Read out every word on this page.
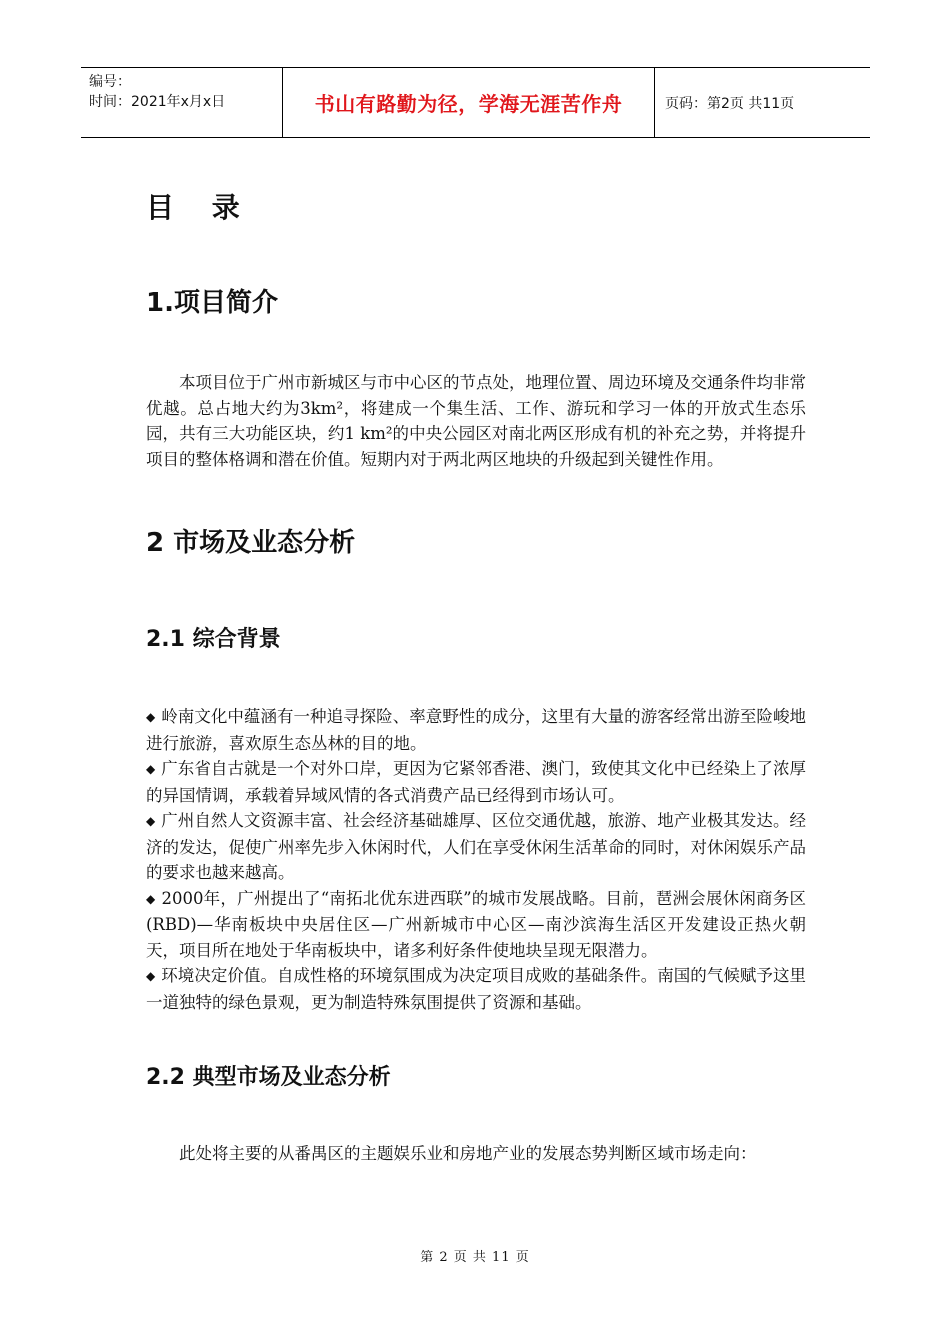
编号：
时间：2021年x月x日	书山有路勤为径，学海无涯苦作舟	页码：第2页 共11页
目 录
1.项目简介
本项目位于广州市新城区与市中心区的节点处，地理位置、周边环境及交通条件均非常优越。总占地大约为3km²，将建成一个集生活、工作、游玩和学习一体的开放式生态乐园，共有三大功能区块，约1 km²的中央公园区对南北两区形成有机的补充之势，并将提升项目的整体格调和潜在价值。短期内对于两北两区地块的升级起到关键性作用。
2 市场及业态分析
2.1 综合背景

◆ 岭南文化中蕴涵有一种追寻探险、率意野性的成分，这里有大量的游客经常出游至险峻地进行旅游，喜欢原生态丛林的目的地。

◆ 广东省自古就是一个对外口岸，更因为它紧邻香港、澳门，致使其文化中已经染上了浓厚的异国情调，承载着异域风情的各式消费产品已经得到市场认可。

◆ 广州自然人文资源丰富、社会经济基础雄厚、区位交通优越，旅游、地产业极其发达。经济的发达，促使广州率先步入休闲时代，人们在享受休闲生活革命的同时，对休闲娱乐产品的要求也越来越高。

◆ 2000年，广州提出了“南拓北优东进西联”的城市发展战略。目前，琶洲会展休闲商务区(RBD)—华南板块中央居住区—广州新城市中心区—南沙滨海生活区开发建设正热火朝天，项目所在地处于华南板块中，诸多利好条件使地块呈现无限潜力。

◆ 环境决定价值。自成性格的环境氛围成为决定项目成败的基础条件。南国的气候赋予这里一道独特的绿色景观，更为制造特殊氛围提供了资源和基础。

2.2 典型市场及业态分析
此处将主要的从番禺区的主题娱乐业和房地产业的发展态势判断区域市场走向：
第 2 页 共 11 页
